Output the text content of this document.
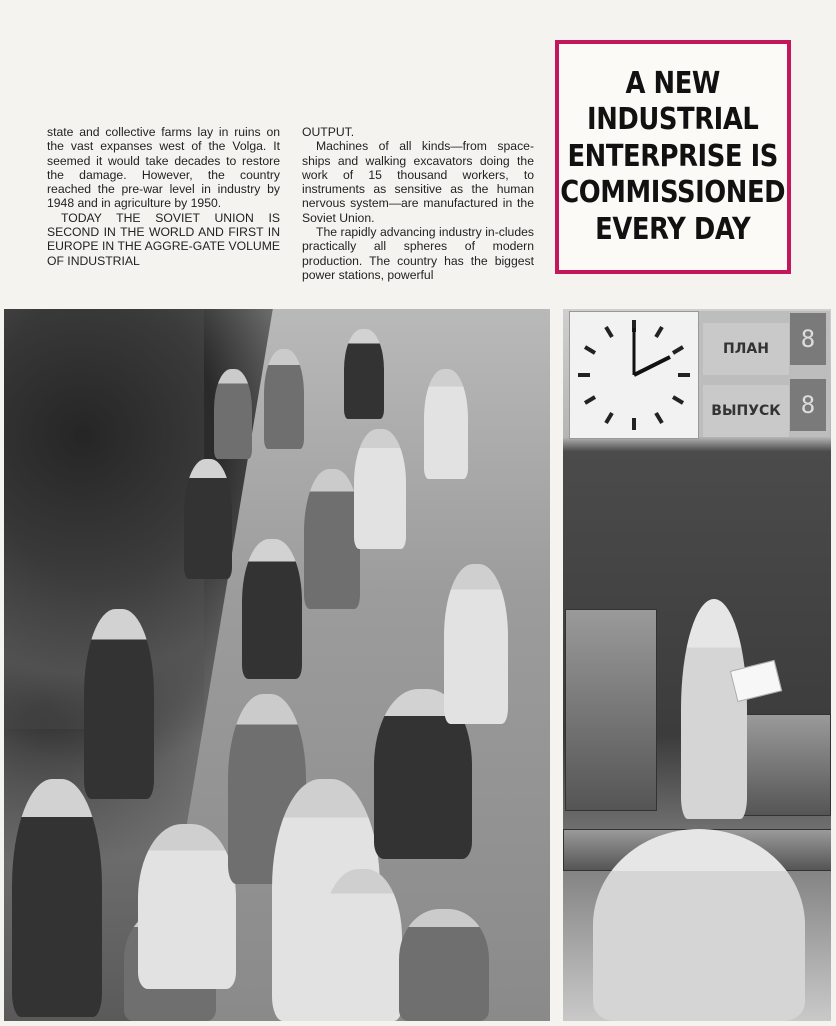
state and collective farms lay in ruins on the vast expanses west of the Volga. It seemed it would take decades to restore the damage. However, the country reached the pre-war level in industry by 1948 and in agriculture by 1950.

TODAY THE SOVIET UNION IS SECOND IN THE WORLD AND FIRST IN EUROPE IN THE AGGRE-GATE VOLUME OF INDUSTRIAL

OUTPUT.

Machines of all kinds—from space-ships and walking excavators doing the work of 15 thousand workers, to instruments as sensitive as the human nervous system—are manufactured in the Soviet Union.

The rapidly advancing industry in-cludes practically all spheres of modern production. The country has the biggest power stations, powerful

A NEW
INDUSTRIAL
ENTERPRISE IS
COMMISSIONED
EVERY DAY
ПЛАН	8
ВЫПУСК 8
